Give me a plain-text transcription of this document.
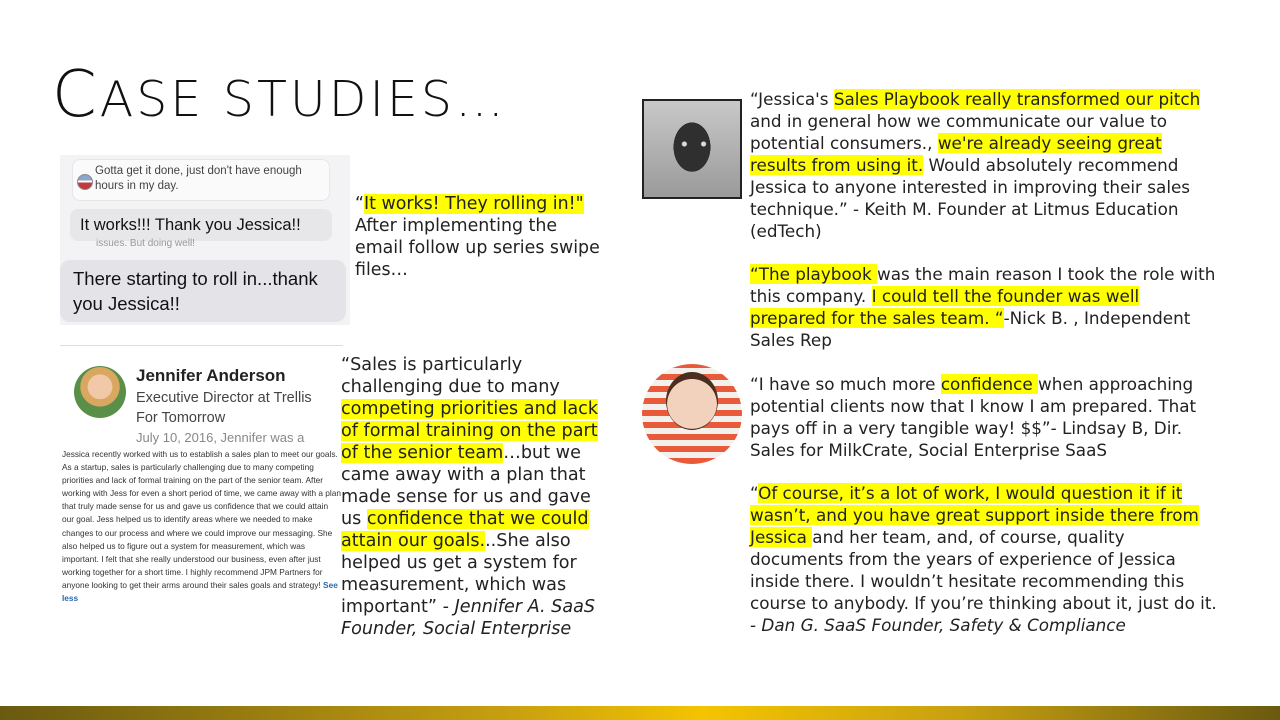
CASE STUDIES…
Gotta get it done, just don't have enough hours in my day.
It works!!! Thank you Jessica!!
issues. But doing well!
There starting to roll in...thank you Jessica!!
“It works! They rolling in!" After implementing the email follow up series swipe files…
Jennifer Anderson
Executive Director at Trellis For Tomorrow
July 10, 2016, Jennifer was a
Jessica recently worked with us to establish a sales plan to meet our goals. As a startup, sales is particularly challenging due to many competing priorities and lack of formal training on the part of the senior team. After working with Jess for even a short period of time, we came away with a plan that truly made sense for us and gave us confidence that we could attain our goal. Jess helped us to identify areas where we needed to make changes to our process and where we could improve our messaging. She also helped us to figure out a system for measurement, which was important. I felt that she really understood our business, even after just working together for a short time. I highly recommend JPM Partners for anyone looking to get their arms around their sales goals and strategy! See less
“Sales is particularly challenging due to many competing priorities and lack of formal training on the part of the senior team…but we came away with a plan that made sense for us and gave us confidence that we could attain our goals...She also helped us get a system for measurement, which was important” - Jennifer A. SaaS Founder, Social Enterprise
“Jessica's Sales Playbook really transformed our pitch and in general how we communicate our value to potential consumers., we're already seeing great results from using it. Would absolutely recommend Jessica to anyone interested in improving their sales technique.” - Keith M. Founder at Litmus Education (edTech)
“The playbook was the main reason I took the role with this company. I could tell the founder was well prepared for the sales team. “-Nick B. , Independent Sales Rep
“I have so much more confidence when approaching potential clients now that I know I am prepared. That pays off in a very tangible way! $$”- Lindsay B, Dir. Sales for MilkCrate, Social Enterprise SaaS
“Of course, it’s a lot of work, I would question it if it wasn’t, and you have great support inside there from Jessica and her team, and, of course, quality documents from the years of experience of Jessica inside there. I wouldn’t hesitate recommending this course to anybody. If you’re thinking about it, just do it. - Dan G. SaaS Founder, Safety & Compliance
